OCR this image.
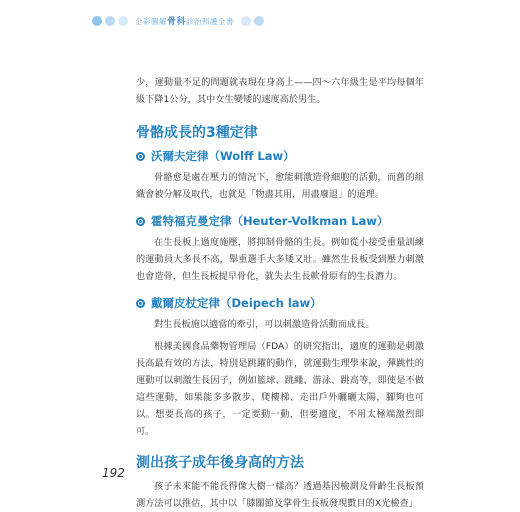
全彩圖解骨科診治照護全書

少，運動量不足的問題就表現在身高上——四～六年級生是平均每個年級下降1公分，其中女生變矮的速度高於男生。

骨骼成長的3種定律
沃爾夫定律（Wolff Law）

骨骼愈是處在壓力的情況下，愈能刺激造骨細胞的活動，而舊的組織會被分解及取代，也就是「物盡其用，用盡廢退」的道理。

霍特福克曼定律（Heuter-Volkman Law）

在生長板上過度施壓，將抑制骨骼的生長。例如從小接受重量訓練的運動員大多長不高，舉重選手大多矮又壯。雖然生長板受到壓力刺激也會造骨，但生長板提早骨化，就失去生長軟骨原有的生長潛力。

戴爾皮杖定律（Deipech law）

對生長板施以適當的牽引，可以刺激造骨活動而成長。

根據美國食品藥物管理局（FDA）的研究指出，適度的運動是刺激長高最有效的方法，特別是跳躍的動作，就運動生理學來說，彈跳性的運動可以刺激生長因子，例如籃球、跳繩、游泳、跳高等，即使是不做這些運動，如果能多多散步、爬樓梯、走出戶外曬曬太陽，腳夠也可以。想要長高的孩子，一定要動一動，但要適度，不用太極端激烈即可。

測出孩子成年後身高的方法

孩子未來能不能長得像大樹一樣高？透過基因檢測及骨齡生長板預測方法可以推估，其中以「膝關節及掌骨生長板發現數目的X光檢查」

192
